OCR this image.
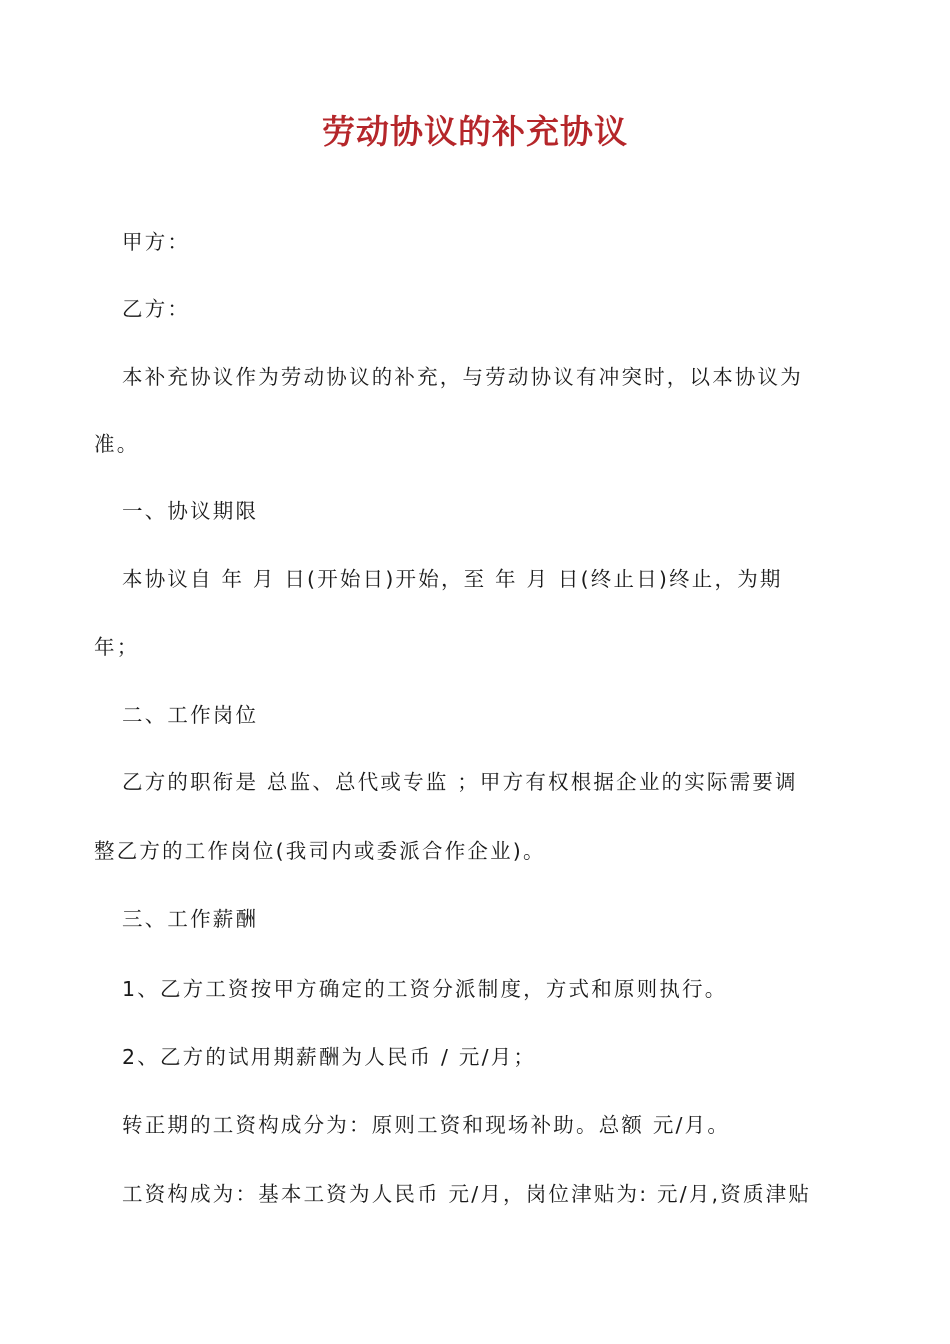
劳动协议的补充协议
甲方：
乙方：
本补充协议作为劳动协议的补充，与劳动协议有冲突时，以本协议为
准。
一、协议期限
本协议自 年 月 日(开始日)开始，至 年 月 日(终止日)终止，为期
年；
二、工作岗位
乙方的职衔是 总监、总代或专监 ；甲方有权根据企业的实际需要调
整乙方的工作岗位(我司内或委派合作企业)。
三、工作薪酬
1、乙方工资按甲方确定的工资分派制度，方式和原则执行。
2、乙方的试用期薪酬为人民币 / 元/月；
转正期的工资构成分为：原则工资和现场补助。总额 元/月。
工资构成为：基本工资为人民币 元/月，岗位津贴为: 元/月,资质津贴
